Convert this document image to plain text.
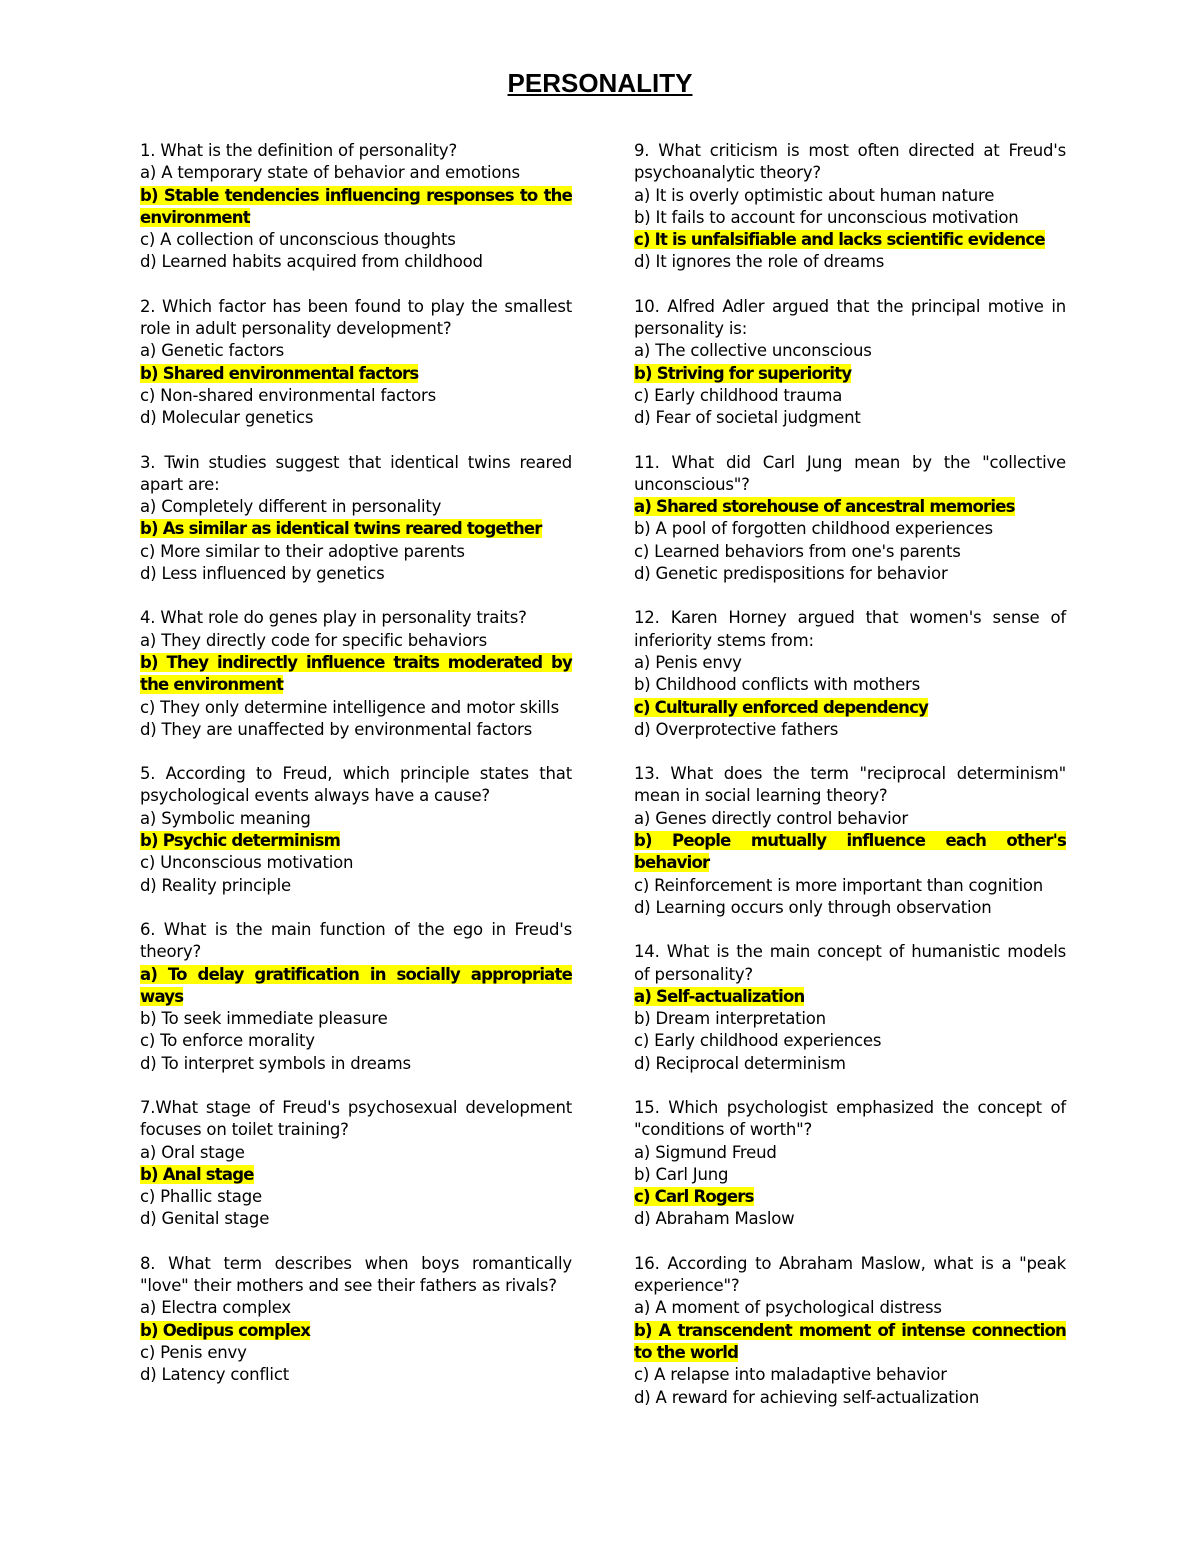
PERSONALITY
1. What is the definition of personality?
a) A temporary state of behavior and emotions
b) Stable tendencies influencing responses to the environment
c) A collection of unconscious thoughts
d) Learned habits acquired from childhood
2. Which factor has been found to play the smallest role in adult personality development?
a) Genetic factors
b) Shared environmental factors
c) Non-shared environmental factors
d) Molecular genetics
3. Twin studies suggest that identical twins reared apart are:
a) Completely different in personality
b) As similar as identical twins reared together
c) More similar to their adoptive parents
d) Less influenced by genetics
4. What role do genes play in personality traits?
a) They directly code for specific behaviors
b) They indirectly influence traits moderated by the environment
c) They only determine intelligence and motor skills
d) They are unaffected by environmental factors
5. According to Freud, which principle states that psychological events always have a cause?
a) Symbolic meaning
b) Psychic determinism
c) Unconscious motivation
d) Reality principle
6. What is the main function of the ego in Freud's theory?
a) To delay gratification in socially appropriate ways
b) To seek immediate pleasure
c) To enforce morality
d) To interpret symbols in dreams
7.What stage of Freud's psychosexual development focuses on toilet training?
a) Oral stage
b) Anal stage
c) Phallic stage
d) Genital stage
8. What term describes when boys romantically "love" their mothers and see their fathers as rivals?
a) Electra complex
b) Oedipus complex
c) Penis envy
d) Latency conflict
9. What criticism is most often directed at Freud's psychoanalytic theory?
a) It is overly optimistic about human nature
b) It fails to account for unconscious motivation
c) It is unfalsifiable and lacks scientific evidence
d) It ignores the role of dreams
10. Alfred Adler argued that the principal motive in personality is:
a) The collective unconscious
b) Striving for superiority
c) Early childhood trauma
d) Fear of societal judgment
11. What did Carl Jung mean by the "collective unconscious"?
a) Shared storehouse of ancestral memories
b) A pool of forgotten childhood experiences
c) Learned behaviors from one's parents
d) Genetic predispositions for behavior
12. Karen Horney argued that women's sense of inferiority stems from:
a) Penis envy
b) Childhood conflicts with mothers
c) Culturally enforced dependency
d) Overprotective fathers
13. What does the term "reciprocal determinism" mean in social learning theory?
a) Genes directly control behavior
b) People mutually influence each other's behavior
c) Reinforcement is more important than cognition
d) Learning occurs only through observation
14. What is the main concept of humanistic models of personality?
a) Self-actualization
b) Dream interpretation
c) Early childhood experiences
d) Reciprocal determinism
15. Which psychologist emphasized the concept of "conditions of worth"?
a) Sigmund Freud
b) Carl Jung
c) Carl Rogers
d) Abraham Maslow
16. According to Abraham Maslow, what is a "peak experience"?
a) A moment of psychological distress
b) A transcendent moment of intense connection to the world
c) A relapse into maladaptive behavior
d) A reward for achieving self-actualization
